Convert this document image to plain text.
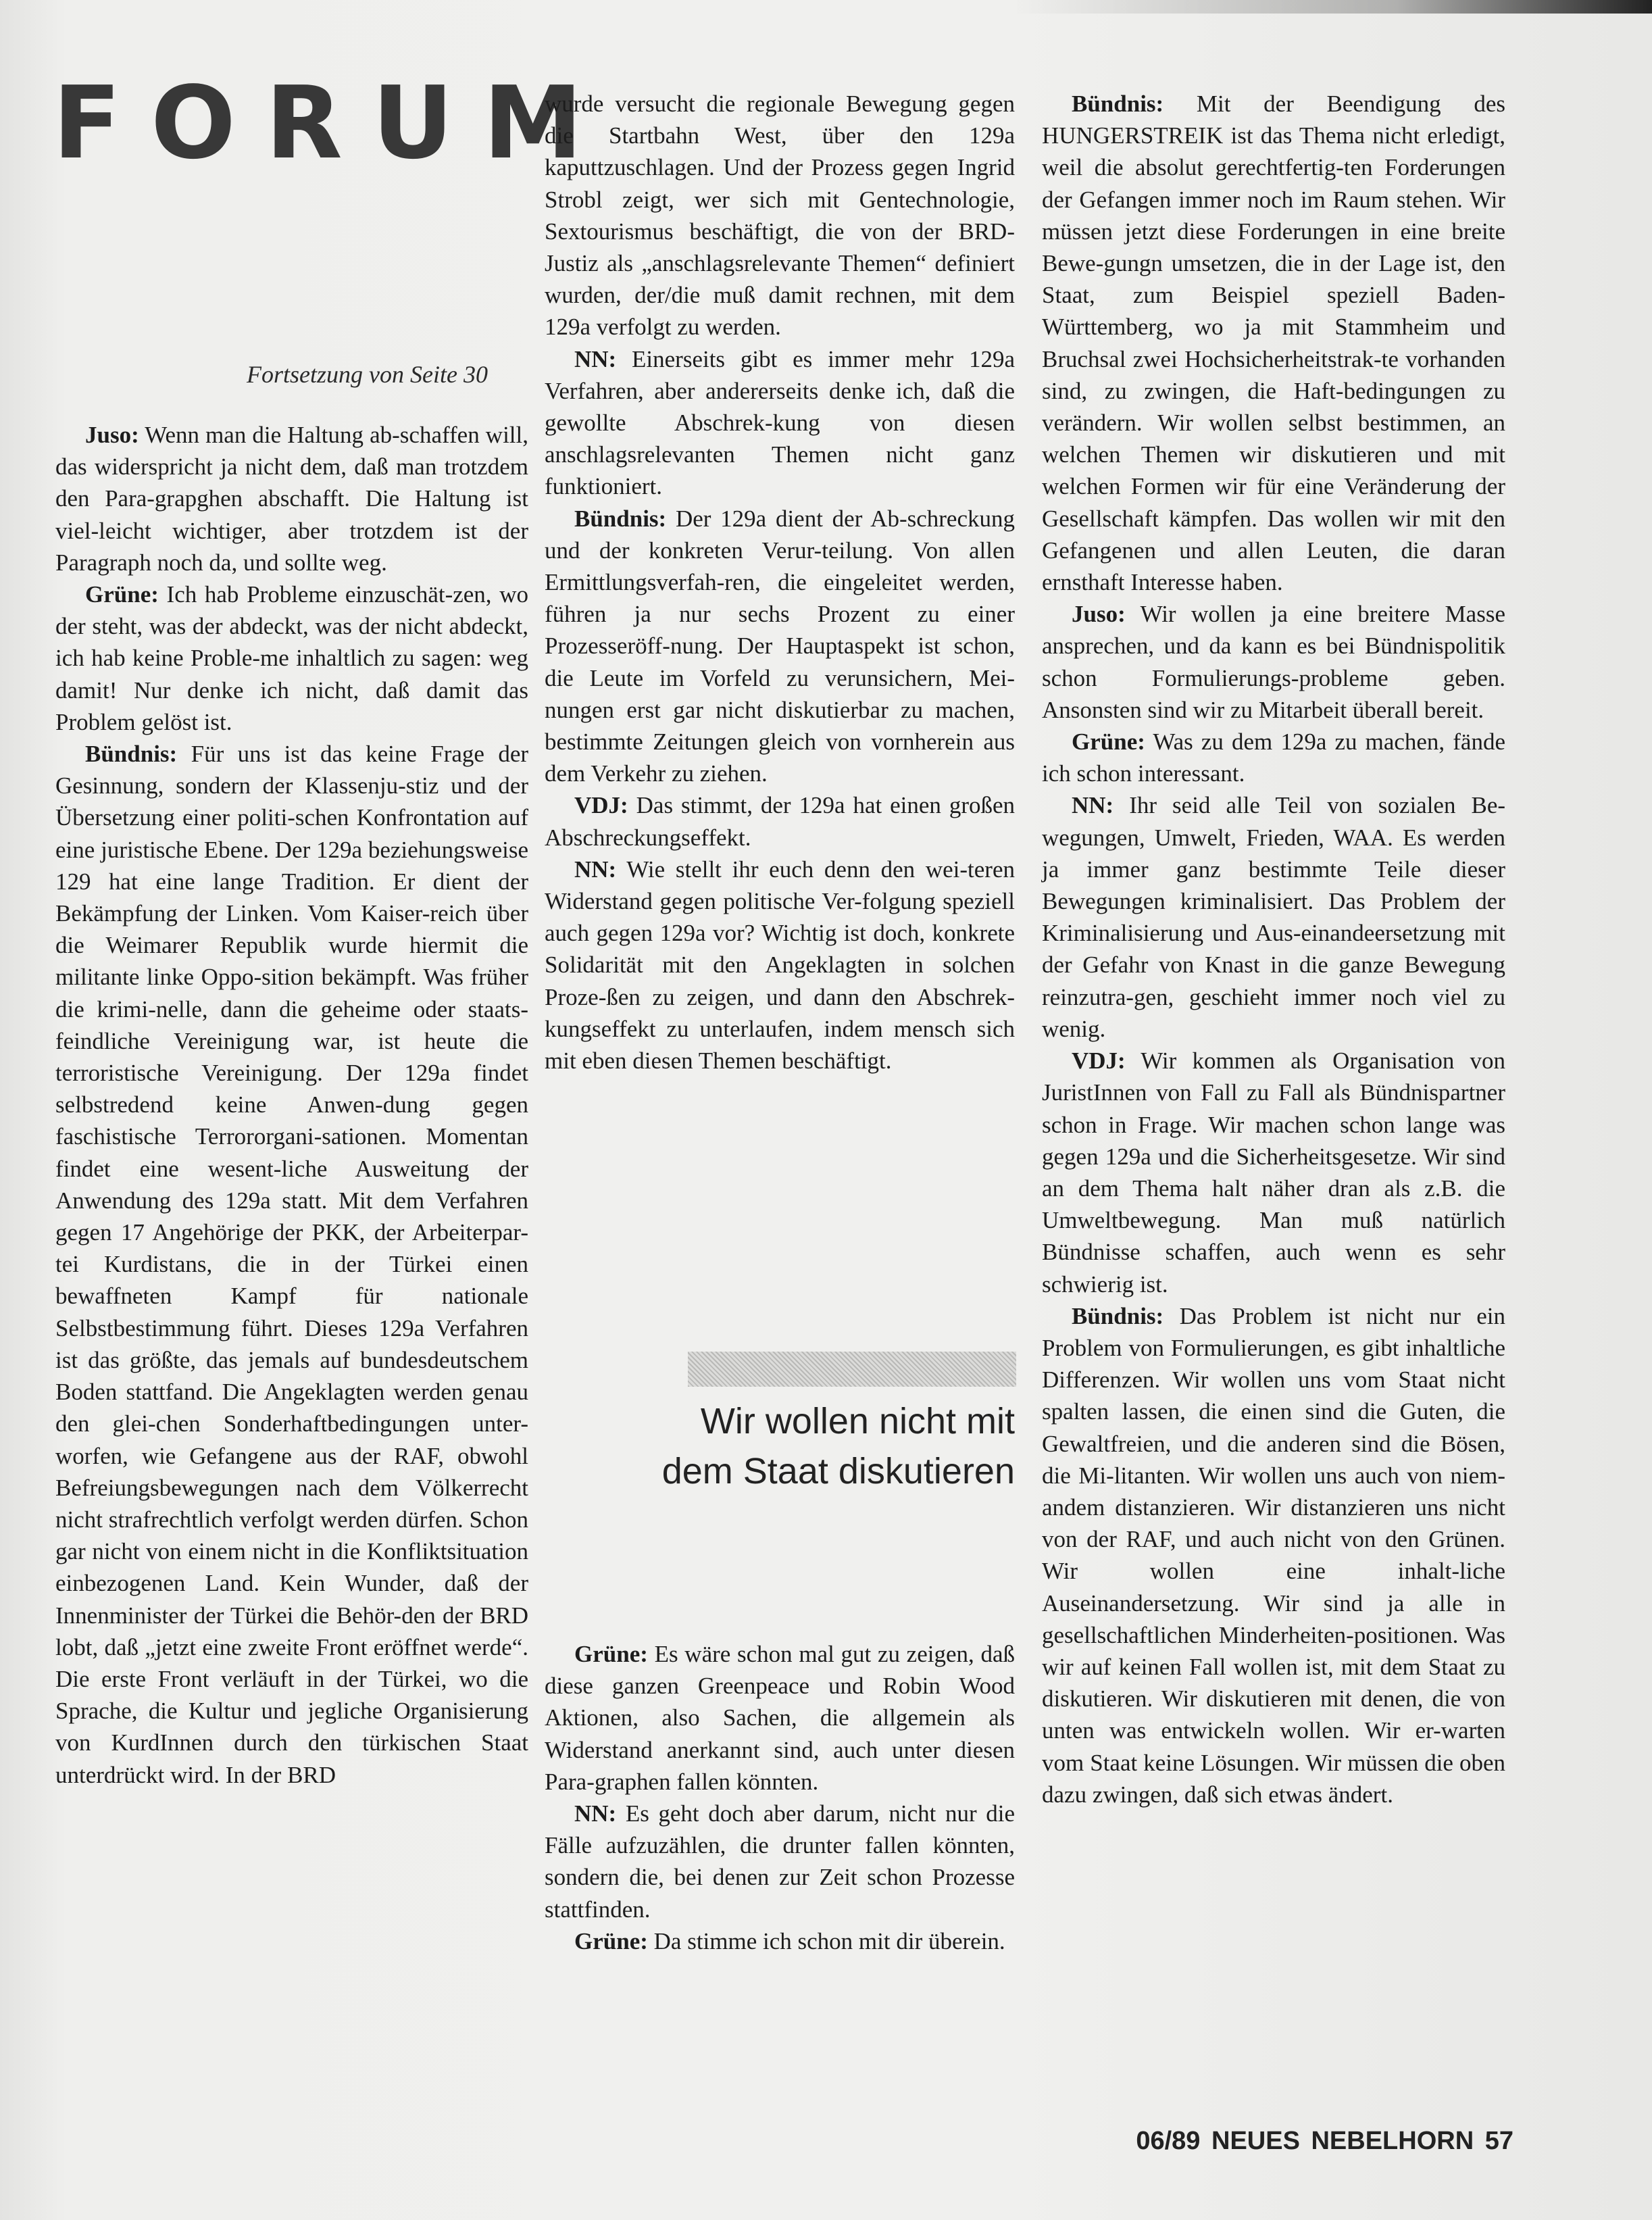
FORUM
Fortsetzung von Seite 30

Juso: Wenn man die Haltung ab-schaffen will, das widerspricht ja nicht dem, daß man trotzdem den Para-grapghen abschafft. Die Haltung ist viel-leicht wichtiger, aber trotzdem ist der Paragraph noch da, und sollte weg.

Grüne: Ich hab Probleme einzuschät-zen, wo der steht, was der abdeckt, was der nicht abdeckt, ich hab keine Proble-me inhaltlich zu sagen: weg damit! Nur denke ich nicht, daß damit das Problem gelöst ist.

Bündnis: Für uns ist das keine Frage der Gesinnung, sondern der Klassenju-stiz und der Übersetzung einer politi-schen Konfrontation auf eine juristische Ebene. Der 129a beziehungsweise 129 hat eine lange Tradition. Er dient der Bekämpfung der Linken. Vom Kaiser-reich über die Weimarer Republik wurde hiermit die militante linke Oppo-sition bekämpft. Was früher die krimi-nelle, dann die geheime oder staats-feindliche Vereinigung war, ist heute die terroristische Vereinigung. Der 129a findet selbstredend keine Anwen-dung gegen faschistische Terrororgani-sationen. Momentan findet eine wesent-liche Ausweitung der Anwendung des 129a statt. Mit dem Verfahren gegen 17 Angehörige der PKK, der Arbeiterpar-tei Kurdistans, die in der Türkei einen bewaffneten Kampf für nationale Selbstbestimmung führt. Dieses 129a Verfahren ist das größte, das jemals auf bundesdeutschem Boden stattfand. Die Angeklagten werden genau den glei-chen Sonderhaftbedingungen unter-worfen, wie Gefangene aus der RAF, obwohl Befreiungsbewegungen nach dem Völkerrecht nicht strafrechtlich verfolgt werden dürfen. Schon gar nicht von einem nicht in die Konfliktsituation einbezogenen Land. Kein Wunder, daß der Innenminister der Türkei die Behör-den der BRD lobt, daß „jetzt eine zweite Front eröffnet werde“. Die erste Front verläuft in der Türkei, wo die Sprache, die Kultur und jegliche Organisierung von KurdInnen durch den türkischen Staat unterdrückt wird. In der BRD

wurde versucht die regionale Bewegung gegen die Startbahn West, über den 129a kaputtzuschlagen. Und der Prozess gegen Ingrid Strobl zeigt, wer sich mit Gentechnologie, Sextourismus beschäftigt, die von der BRD-Justiz als „anschlagsrelevante Themen“ definiert wurden, der/die muß damit rechnen, mit dem 129a verfolgt zu werden.

NN: Einerseits gibt es immer mehr 129a Verfahren, aber andererseits denke ich, daß die gewollte Abschrek-kung von diesen anschlagsrelevanten Themen nicht ganz funktioniert.

Bündnis: Der 129a dient der Ab-schreckung und der konkreten Verur-teilung. Von allen Ermittlungsverfah-ren, die eingeleitet werden, führen ja nur sechs Prozent zu einer Prozesseröff-nung. Der Hauptaspekt ist schon, die Leute im Vorfeld zu verunsichern, Mei-nungen erst gar nicht diskutierbar zu machen, bestimmte Zeitungen gleich von vornherein aus dem Verkehr zu ziehen.

VDJ: Das stimmt, der 129a hat einen großen Abschreckungseffekt.

NN: Wie stellt ihr euch denn den wei-teren Widerstand gegen politische Ver-folgung speziell auch gegen 129a vor? Wichtig ist doch, konkrete Solidarität mit den Angeklagten in solchen Proze-ßen zu zeigen, und dann den Abschrek-kungseffekt zu unterlaufen, indem mensch sich mit eben diesen Themen beschäftigt.

Wir wollen nicht mit dem Staat diskutieren

Grüne: Es wäre schon mal gut zu zeigen, daß diese ganzen Greenpeace und Robin Wood Aktionen, also Sachen, die allgemein als Widerstand anerkannt sind, auch unter diesen Para-graphen fallen könnten.

NN: Es geht doch aber darum, nicht nur die Fälle aufzuzählen, die drunter fallen könnten, sondern die, bei denen zur Zeit schon Prozesse stattfinden.

Grüne: Da stimme ich schon mit dir überein.

Bündnis: Mit der Beendigung des HUNGERSTREIK ist das Thema nicht erledigt, weil die absolut gerechtfertig-ten Forderungen der Gefangen immer noch im Raum stehen. Wir müssen jetzt diese Forderungen in eine breite Bewe-gungn umsetzen, die in der Lage ist, den Staat, zum Beispiel speziell Baden-Württemberg, wo ja mit Stammheim und Bruchsal zwei Hochsicherheitstrak-te vorhanden sind, zu zwingen, die Haft-bedingungen zu verändern. Wir wollen selbst bestimmen, an welchen Themen wir diskutieren und mit welchen Formen wir für eine Veränderung der Gesellschaft kämpfen. Das wollen wir mit den Gefangenen und allen Leuten, die daran ernsthaft Interesse haben.

Juso: Wir wollen ja eine breitere Masse ansprechen, und da kann es bei Bündnispolitik schon Formulierungs-probleme geben. Ansonsten sind wir zu Mitarbeit überall bereit.

Grüne: Was zu dem 129a zu machen, fände ich schon interessant.

NN: Ihr seid alle Teil von sozialen Be-wegungen, Umwelt, Frieden, WAA. Es werden ja immer ganz bestimmte Teile dieser Bewegungen kriminalisiert. Das Problem der Kriminalisierung und Aus-einandeersetzung mit der Gefahr von Knast in die ganze Bewegung reinzutra-gen, geschieht immer noch viel zu wenig.

VDJ: Wir kommen als Organisation von JuristInnen von Fall zu Fall als Bündnispartner schon in Frage. Wir machen schon lange was gegen 129a und die Sicherheitsgesetze. Wir sind an dem Thema halt näher dran als z.B. die Umweltbewegung. Man muß natürlich Bündnisse schaffen, auch wenn es sehr schwierig ist.

Bündnis: Das Problem ist nicht nur ein Problem von Formulierungen, es gibt inhaltliche Differenzen. Wir wollen uns vom Staat nicht spalten lassen, die einen sind die Guten, die Gewaltfreien, und die anderen sind die Bösen, die Mi-litanten. Wir wollen uns auch von niem-andem distanzieren. Wir distanzieren uns nicht von der RAF, und auch nicht von den Grünen. Wir wollen eine inhalt-liche Auseinandersetzung. Wir sind ja alle in gesellschaftlichen Minderheiten-positionen. Was wir auf keinen Fall wollen ist, mit dem Staat zu diskutieren. Wir diskutieren mit denen, die von unten was entwickeln wollen. Wir er-warten vom Staat keine Lösungen. Wir müssen die oben dazu zwingen, daß sich etwas ändert.

06/89 NEUES NEBELHORN 57
